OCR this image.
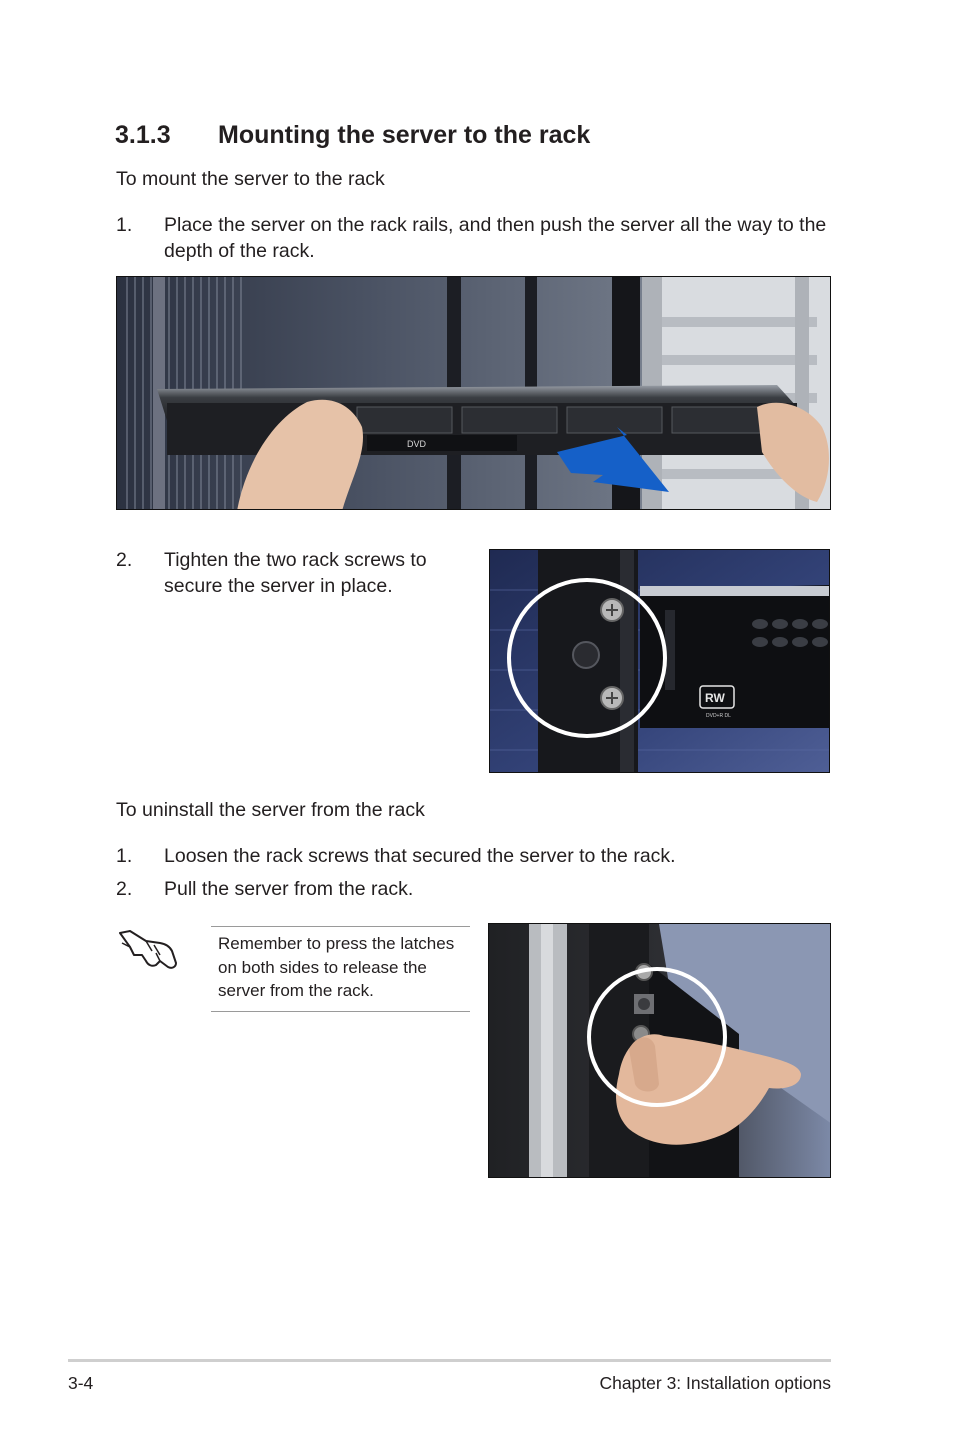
3.1.3 Mounting the server to the rack
To mount the server to the rack
1.	Place the server on the rack rails, and then push the server all the way to the
depth of the rack.
DVD
2.	Tighten the two rack screws to
secure the server in place.
RW
DVD+R DL
To uninstall the server from the rack
1.	Loosen the rack screws that secured the server to the rack.
2.	Pull the server from the rack.
Remember to press the latches
on both sides to release the
server from the rack.
3-4	Chapter 3: Installation options
